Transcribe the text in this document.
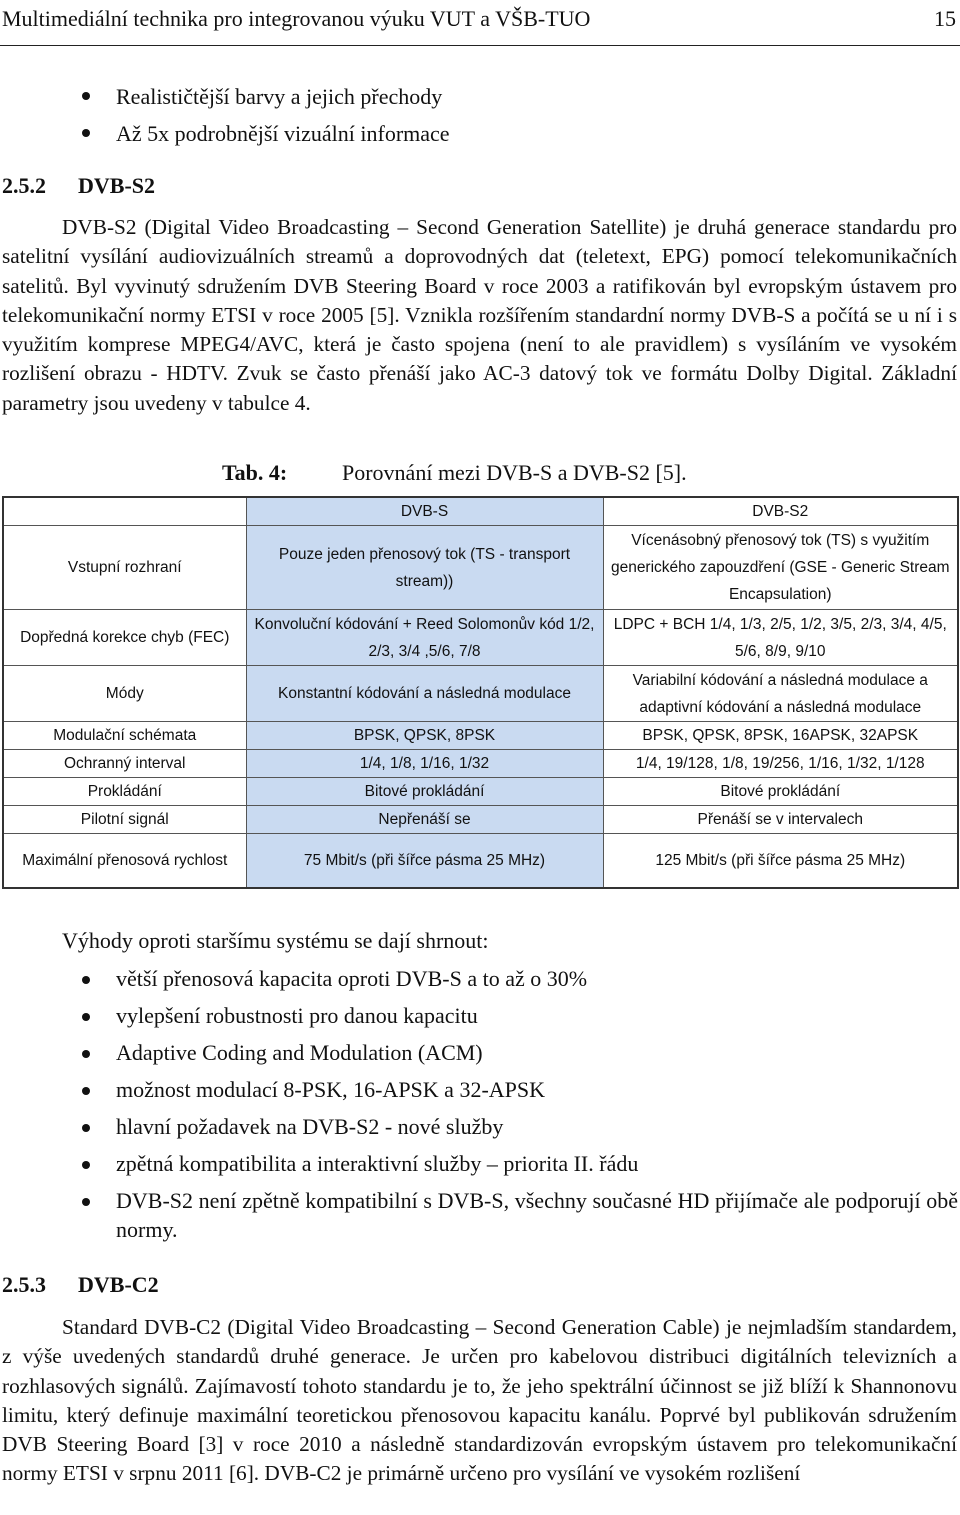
Multimediální technika pro integrovanou výuku VUT a VŠB-TUO	15
Realističtější barvy a jejich přechody
Až 5x podrobnější vizuální informace
2.5.2 DVB-S2

DVB-S2 (Digital Video Broadcasting – Second Generation Satellite) je druhá generace standardu pro satelitní vysílání audiovizuálních streamů a doprovodných dat (teletext, EPG) pomocí telekomunikačních satelitů. Byl vyvinutý sdružením DVB Steering Board v roce 2003 a ratifikován byl evropským ústavem pro telekomunikační normy ETSI v roce 2005 [5]. Vznikla rozšířením standardní normy DVB-S a počítá se u ní i s využitím komprese MPEG4/AVC, která je často spojena (není to ale pravidlem) s vysíláním ve vysokém rozlišení obrazu - HDTV. Zvuk se často přenáší jako AC-3 datový tok ve formátu Dolby Digital. Základní parametry jsou uvedeny v tabulce 4.

Tab. 4: Porovnání mezi DVB-S a DVB-S2 [5].
	DVB-S	DVB-S2
Vstupní rozhraní	Pouze jeden přenosový tok (TS - transport stream))	Vícenásobný přenosový tok (TS) s využitím generického zapouzdření (GSE - Generic Stream Encapsulation)
Dopředná korekce chyb (FEC)	Konvoluční kódování + Reed Solomonův kód 1/2, 2/3, 3/4 ,5/6, 7/8	LDPC + BCH 1/4, 1/3, 2/5, 1/2, 3/5, 2/3, 3/4, 4/5, 5/6, 8/9, 9/10
Módy	Konstantní kódování a následná modulace	Variabilní kódování a následná modulace a adaptivní kódování a následná modulace
Modulační schémata	BPSK, QPSK, 8PSK	BPSK, QPSK, 8PSK, 16APSK, 32APSK
Ochranný interval	1/4, 1/8, 1/16, 1/32	1/4, 19/128, 1/8, 19/256, 1/16, 1/32, 1/128
Prokládání	Bitové prokládání	Bitové prokládání
Pilotní signál	Nepřenáší se	Přenáší se v intervalech
Maximální přenosová rychlost	75 Mbit/s (při šířce pásma 25 MHz)	125 Mbit/s (při šířce pásma 25 MHz)

Výhody oproti staršímu systému se dají shrnout:

větší přenosová kapacita oproti DVB-S a to až o 30%
vylepšení robustnosti pro danou kapacitu
Adaptive Coding and Modulation (ACM)
možnost modulací 8-PSK, 16-APSK a 32-APSK
hlavní požadavek na DVB-S2 - nové služby
zpětná kompatibilita a interaktivní služby – priorita II. řádu
DVB-S2 není zpětně kompatibilní s DVB-S, všechny současné HD přijímače ale podporují obě normy.
2.5.3 DVB-C2

Standard DVB-C2 (Digital Video Broadcasting – Second Generation Cable) je nejmladším standardem, z výše uvedených standardů druhé generace. Je určen pro kabelovou distribuci digitálních televizních a rozhlasových signálů. Zajímavostí tohoto standardu je to, že jeho spektrální účinnost se již blíží k Shannonovu limitu, který definuje maximální teoretickou přenosovou kapacitu kanálu. Poprvé byl publikován sdružením DVB Steering Board [3] v roce 2010 a následně standardizován evropským ústavem pro telekomunikační normy ETSI v srpnu 2011 [6]. DVB-C2 je primárně určeno pro vysílání ve vysokém rozlišení
